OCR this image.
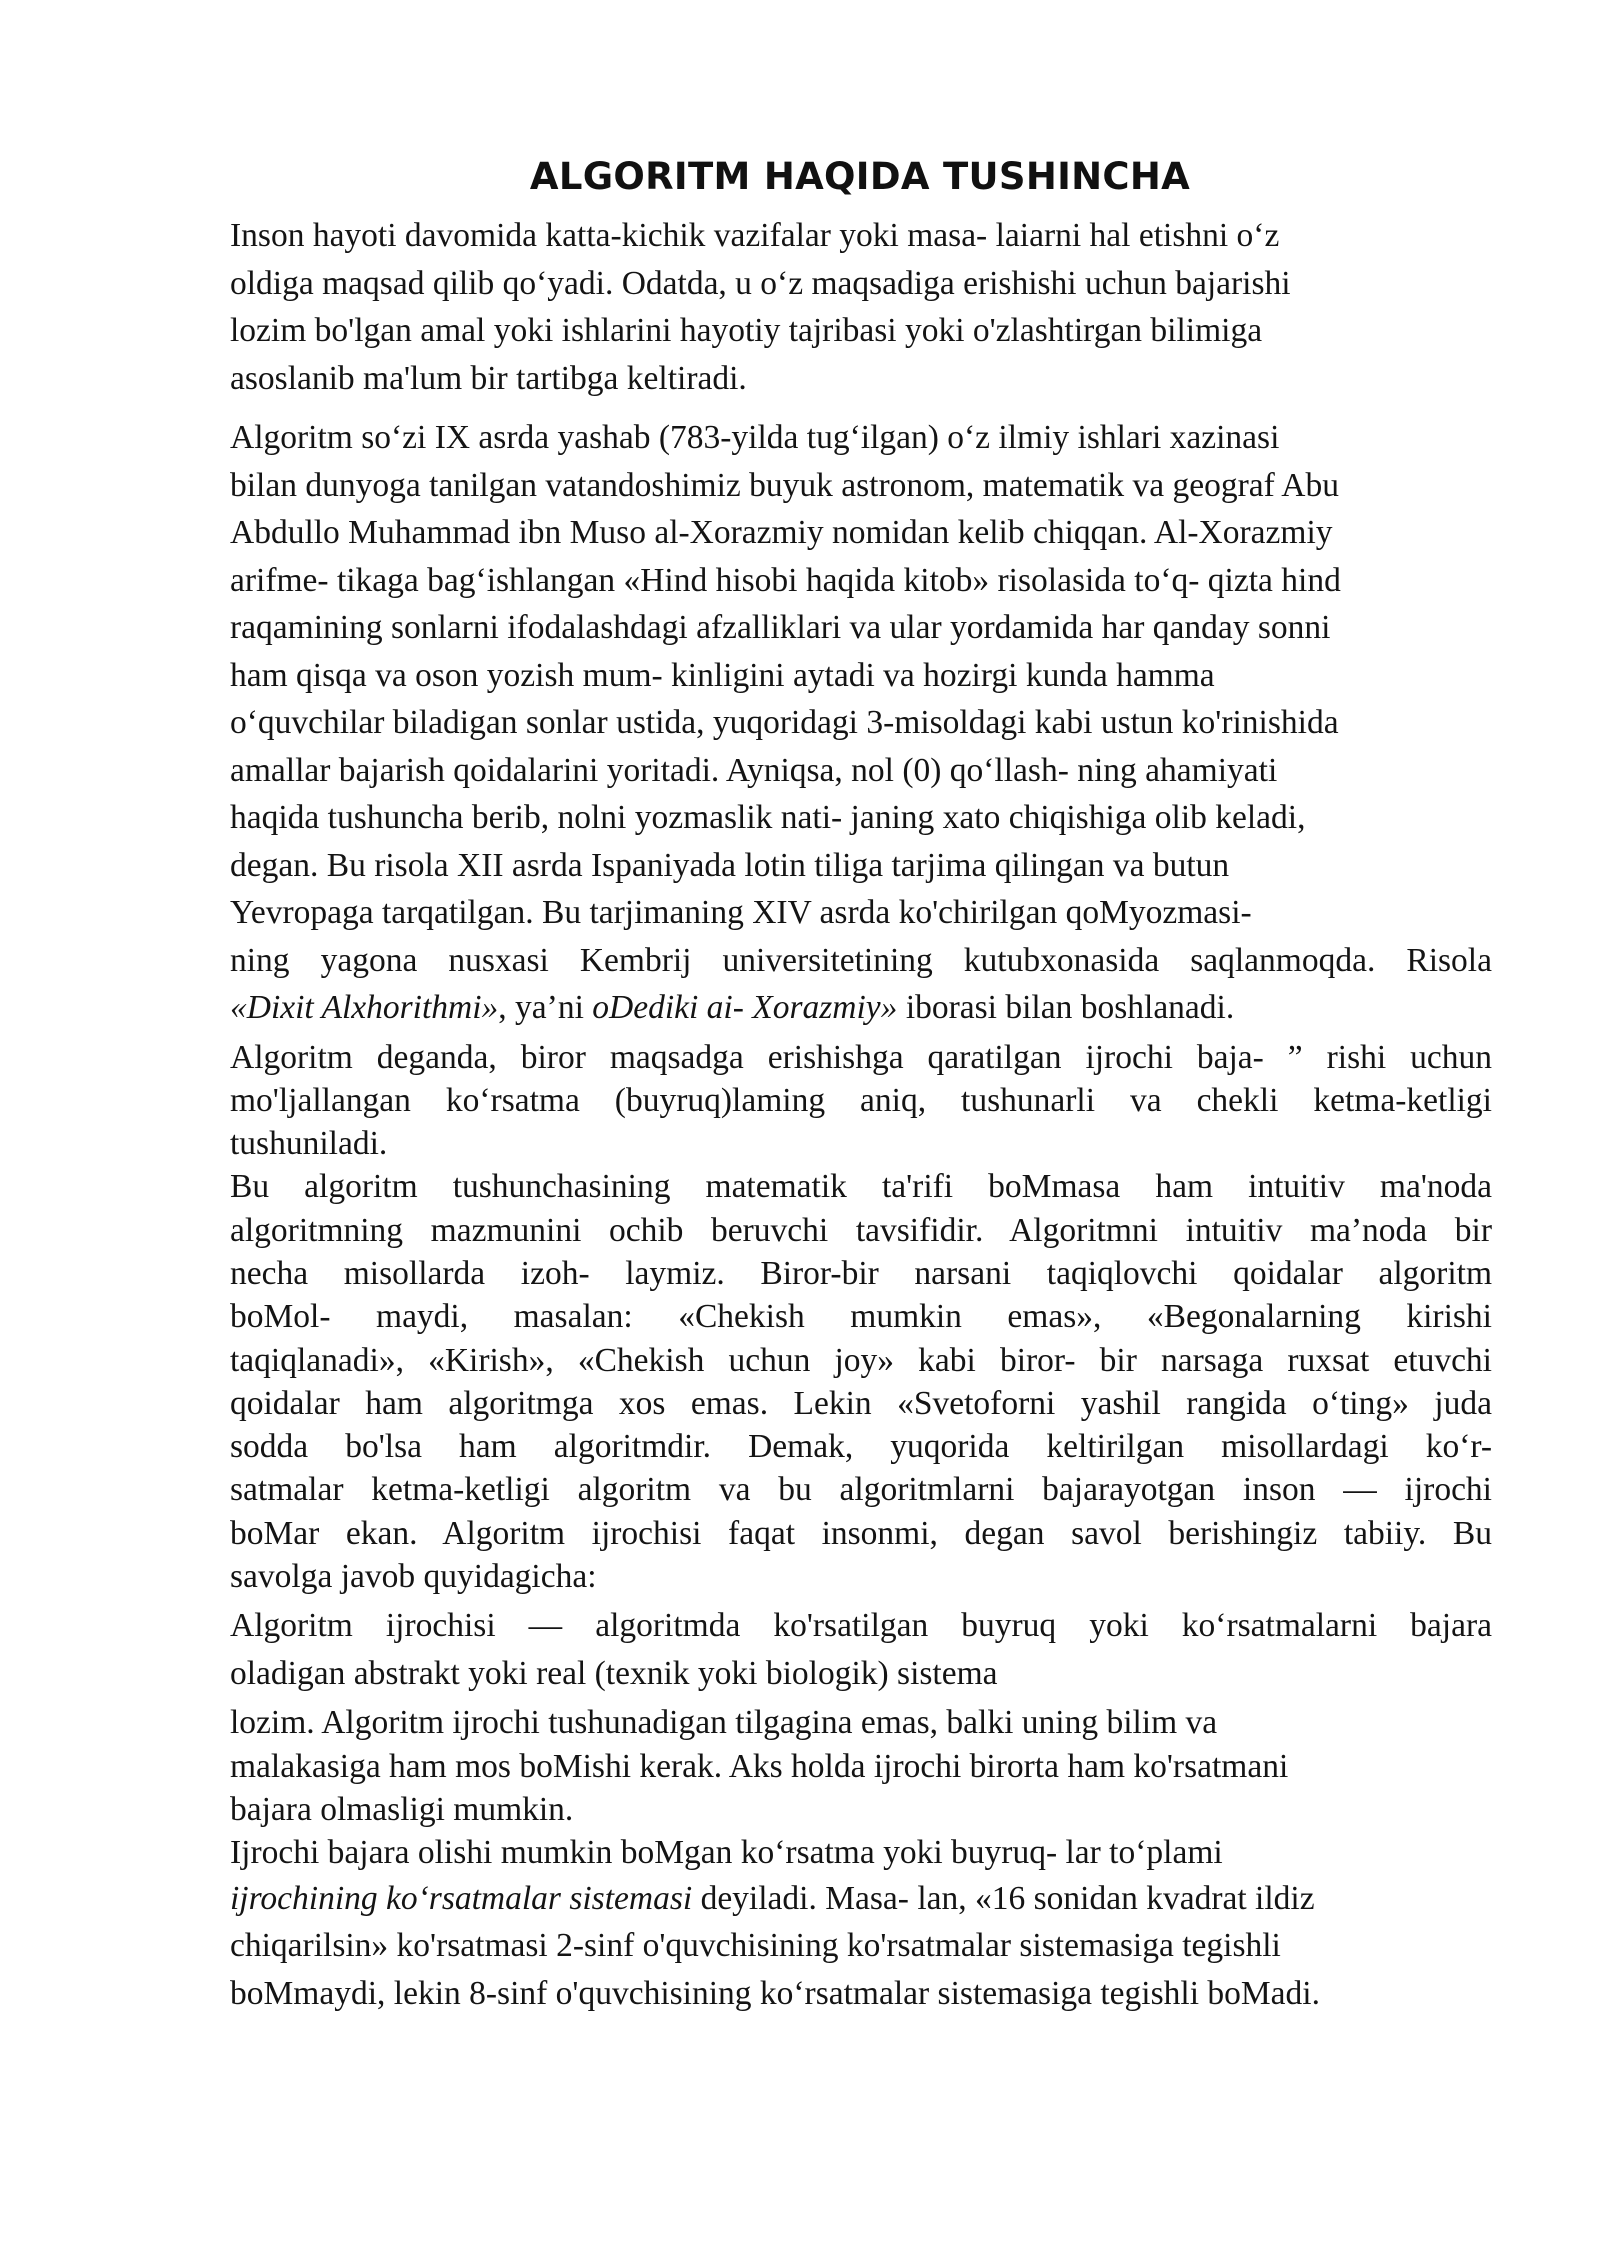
ALGORITM HAQIDA TUSHINCHA
Inson hayoti davomida katta-kichik vazifalar yoki masa- laiarni hal etishni o‘z
oldiga maqsad qilib qo‘yadi. Odatda, u o‘z maqsadiga erishishi uchun bajarishi
lozim bo'lgan amal yoki ishlarini hayotiy tajribasi yoki o'zlashtirgan bilimiga
asoslanib ma'lum bir tartibga keltiradi.
Algoritm so‘zi IX asrda yashab (783-yilda tug‘ilgan) o‘z ilmiy ishlari xazinasi
bilan dunyoga tanilgan vatandoshimiz buyuk astronom, matematik va geograf Abu
Abdullo Muhammad ibn Muso al-Xorazmiy nomidan kelib chiqqan. Al-Xorazmiy
arifme- tikaga bag‘ishlangan «Hind hisobi haqida kitob» risolasida to‘q- qizta hind
raqamining sonlarni ifodalashdagi afzalliklari va ular yordamida har qanday sonni
ham qisqa va oson yozish mum- kinligini aytadi va hozirgi kunda hamma
o‘quvchilar biladigan sonlar ustida, yuqoridagi 3-misoldagi kabi ustun ko'rinishida
amallar bajarish qoidalarini yoritadi. Ayniqsa, nol (0) qo‘llash- ning ahamiyati
haqida tushuncha berib, nolni yozmaslik nati- janing xato chiqishiga olib keladi,
degan. Bu risola XII asrda Ispaniyada lotin tiliga tarjima qilingan va butun
Yevropaga tarqatilgan. Bu tarjimaning XIV asrda ko'chirilgan qoMyozmasi-
ning yagona nusxasi Kembrij universitetining kutubxonasida saqlanmoqda. Risola
«Dixit Alxhorithmi», ya’ni oDediki ai- Xorazmiy» iborasi bilan boshlanadi.
Algoritm deganda, biror maqsadga erishishga qaratilgan ijrochi baja- ” rishi uchun
mo'ljallangan ko‘rsatma (buyruq)laming aniq, tushunarli va chekli ketma-ketligi
tushuniladi.
Bu algoritm tushunchasining matematik ta'rifi boMmasa ham intuitiv ma'noda
algoritmning mazmunini ochib beruvchi tavsifidir. Algoritmni intuitiv ma’noda bir
necha misollarda izoh- laymiz. Biror-bir narsani taqiqlovchi qoidalar algoritm
boMol- maydi, masalan: «Chekish mumkin emas», «Begonalarning kirishi
taqiqlanadi», «Kirish», «Chekish uchun joy» kabi biror- bir narsaga ruxsat etuvchi
qoidalar ham algoritmga xos emas. Lekin «Svetoforni yashil rangida o‘ting» juda
sodda bo'lsa ham algoritmdir. Demak, yuqorida keltirilgan misollardagi ko‘r-
satmalar ketma-ketligi algoritm va bu algoritmlarni bajarayotgan inson — ijrochi
boMar ekan. Algoritm ijrochisi faqat insonmi, degan savol berishingiz tabiiy. Bu
savolga javob quyidagicha:
Algoritm ijrochisi — algoritmda ko'rsatilgan buyruq yoki ko‘rsatmalarni bajara
oladigan abstrakt yoki real (texnik yoki biologik) sistema
lozim. Algoritm ijrochi tushunadigan tilgagina emas, balki uning bilim va
malakasiga ham mos boMishi kerak. Aks holda ijrochi birorta ham ko'rsatmani
bajara olmasligi mumkin.
Ijrochi bajara olishi mumkin boMgan ko‘rsatma yoki buyruq- lar to‘plami
ijrochining ko‘rsatmalar sistemasi deyiladi. Masa- lan, «16 sonidan kvadrat ildiz
chiqarilsin» ko'rsatmasi 2-sinf o'quvchisining ko'rsatmalar sistemasiga tegishli
boMmaydi, lekin 8-sinf o'quvchisining ko‘rsatmalar sistemasiga tegishli boMadi.
